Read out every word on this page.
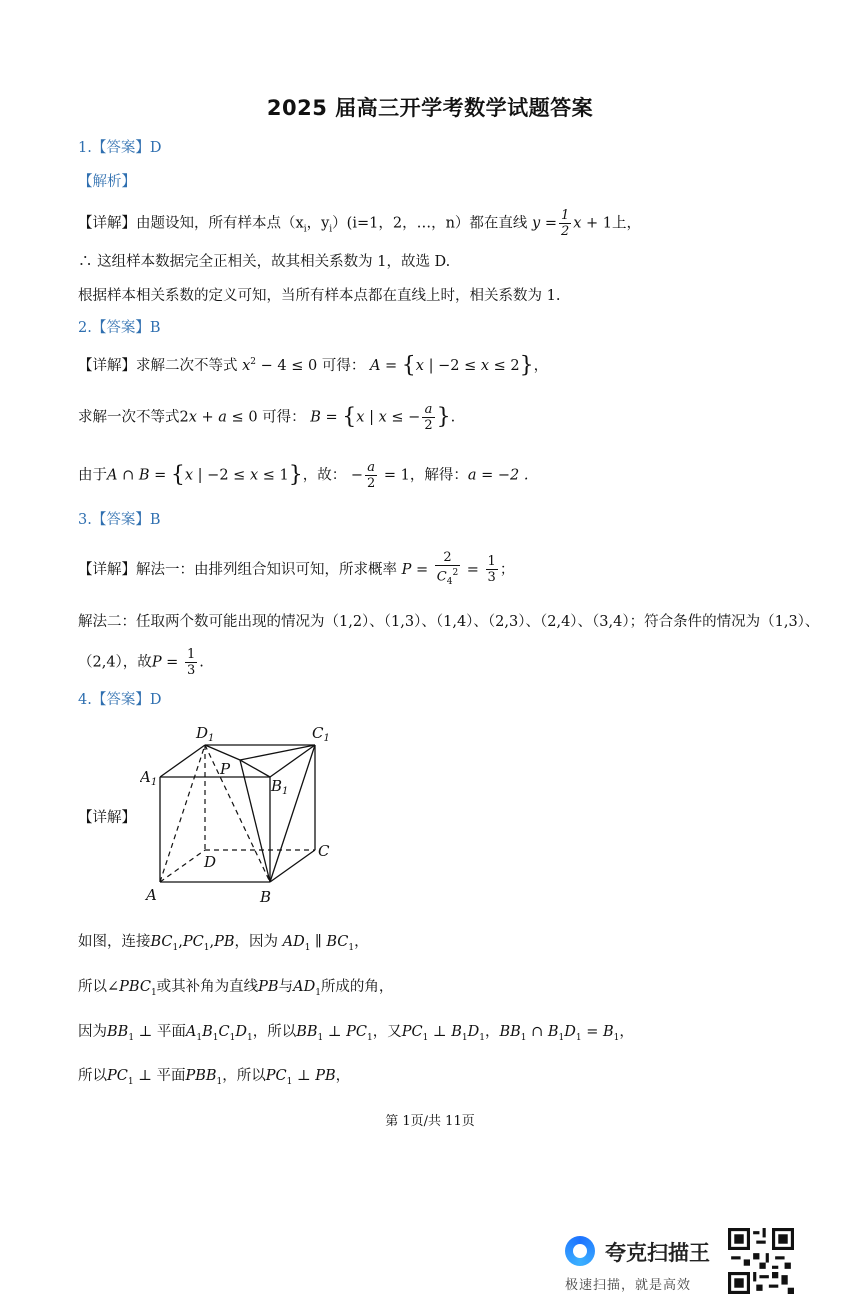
2025 届高三开学考数学试题答案
1.【答案】D
【解析】
【详解】由题设知，所有样本点（$x_i$，$y_i)(i=1$，2，…，n）都在直线 $y = \frac{1}{2}$ x + 1上，
∴ 这组样本数据完全正相关，故其相关系数为 1，故选 D.
根据样本相关系数的定义可知，当所有样本点都在直线上时，相关系数为 1.
2.【答案】B
【详解】求解二次不等式 $x^2 - 4 \le 0$ 可得： A = {x | −2 ≤ x ≤ 2}，
求解一次不等式2x + a ≤ 0 可得： B = {x | x ≤ − $\frac{a}{2}$ }.
由于A ∩ B = {x | −2 ≤ x ≤ 1}，故： − $\frac{a}{2} = 1$，解得：a = −2 .
3.【答案】B
【详解】解法一：由排列组合知识可知，所求概率 $P = \frac{2}{C_4^2} = \frac{1}{3}$ ；
解法二：任取两个数可能出现的情况为（1,2）、（1,3）、（1,4）、（2,3）、（2,4）、（3,4）；符合条件的情况为（1,3）、
（2,4），故$P = \frac{1}{3}$ .
4.【答案】D
【详解】
$D_1$	$C_1$
$A_1$
P
$B_1$
D
C
A	B
如图，连接$BC_1,PC_1,PB$，因为 $AD_1$ ∥ $BC_1$，
所以$\angle PBC_1$或其补角为直线PB与$AD_1$所成的角，
因为$BB_1$ ⊥ 平面$A_1B_1C_1D_1$，所以$BB_1$ ⊥ $PC_1$，又$PC_1$ ⊥ $B_1D_1$，$BB_1$ ∩ $B_1D_1 = B_1$，
所以$PC_1$ ⊥ 平面$PBB_1$，所以$PC_1$ ⊥ PB，
第 1页/共 11页
夸克扫描王
极速扫描，就是高效
